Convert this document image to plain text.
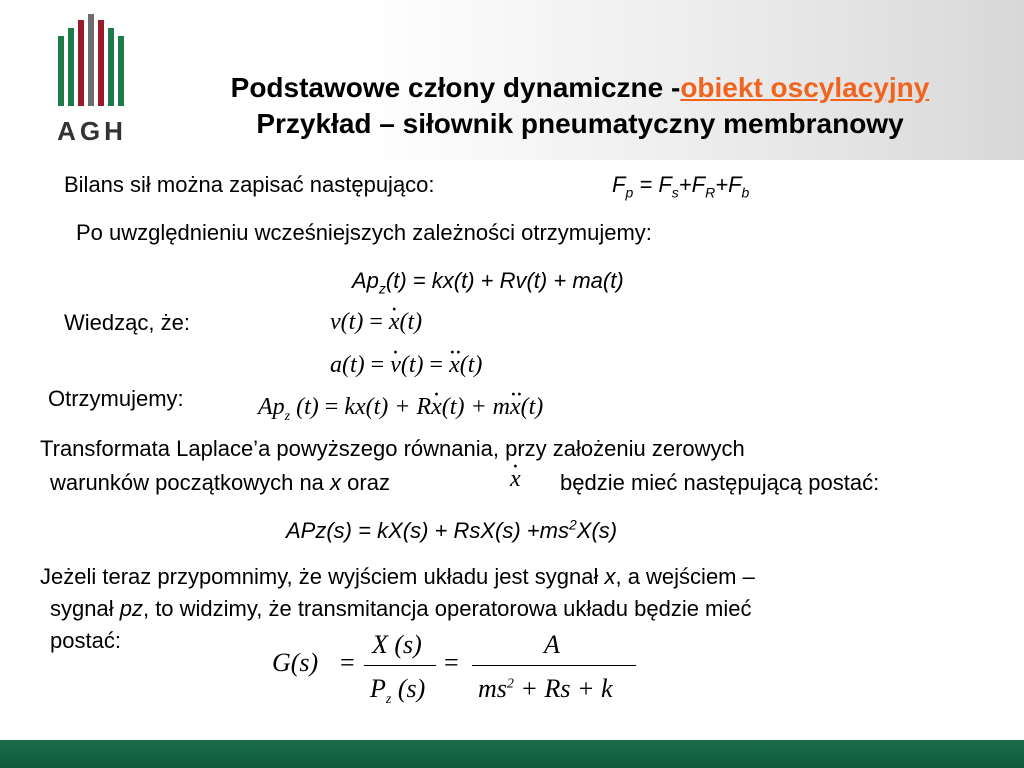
AGH
Podstawowe człony dynamiczne -obiekt oscylacyjny
Przykład – siłownik pneumatyczny membranowy
Bilans sił można zapisać następująco:	$F_p = F_s+F_R+F_b$
Po uwzględnieniu wcześniejszych zależności otrzymujemy:
$Ap_z(t) = kx(t) + Rv(t) + ma(t)$
Wiedząc, że:	v(t) = · x(t)
a(t) = · v(t) = ·· x(t)
Otrzymujemy:	$Ap_z$ (t) = kx(t) + R· x(t) + m·· x(t)
Transformata Laplace’a powyższego równania, przy założeniu zerowych
warunków początkowych na x oraz
·	x będzie mieć następującą postać:
$APz(s) = kX(s) + RsX(s) +ms^2X(s)$
Jeżeli teraz przypomnimy, że wyjściem układu jest sygnał x, a wejściem –
sygnał pz, to widzimy, że transmitancja operatorowa układu będzie mieć
postać:
G(s) =
X (s)
$P_z$ (s)
=
A
$ms^2 + Rs + k$
